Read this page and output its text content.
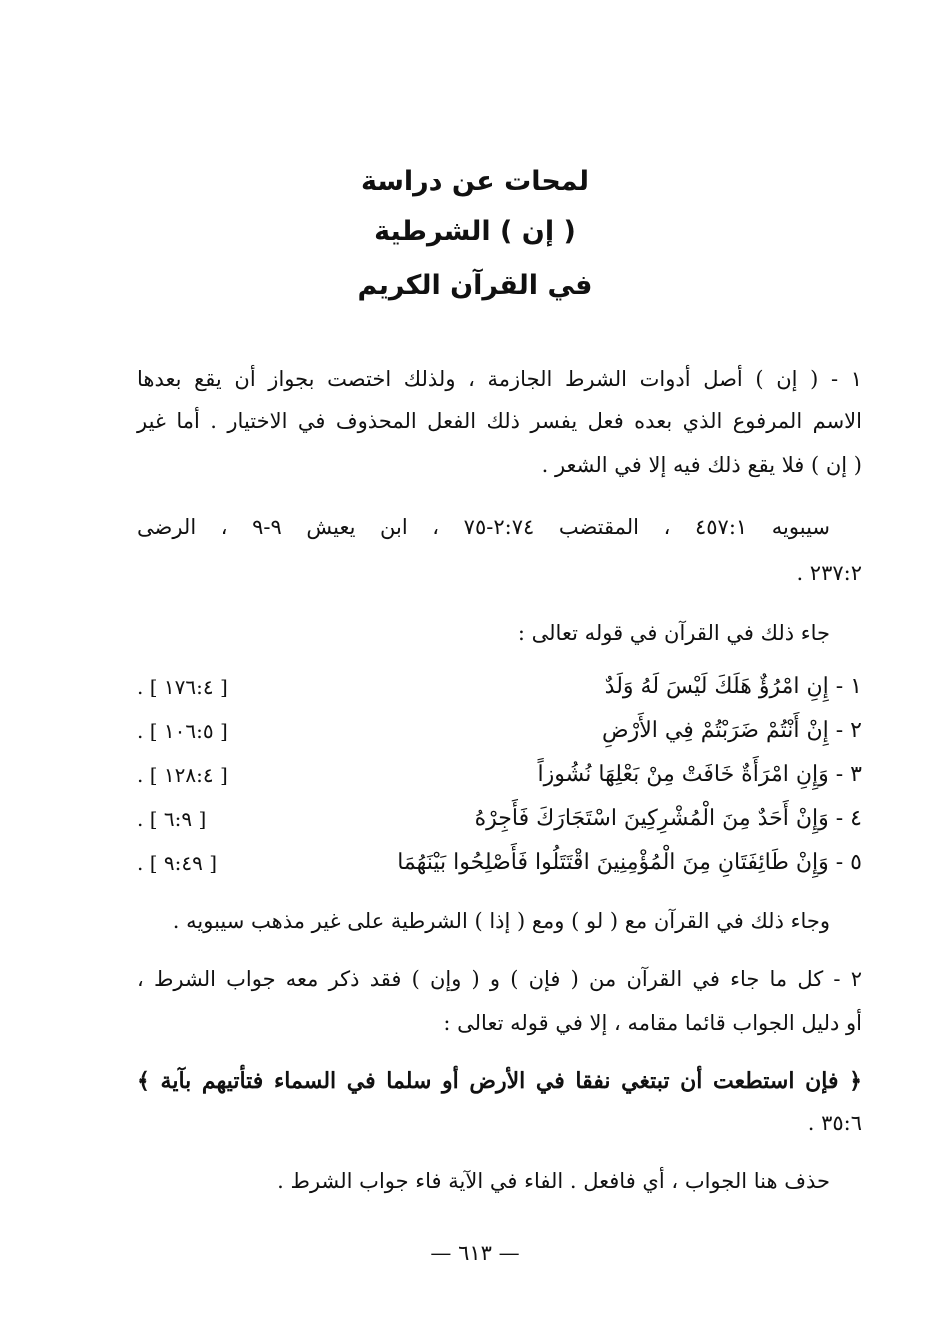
لمحات عن دراسة
( إن ) الشرطية
في القرآن الكريم
١ - ( إن ) أصل أدوات الشرط الجازمة ، ولذلك اختصت بجواز أن يقع بعدها
الاسم المرفوع الذي بعده فعل يفسر ذلك الفعل المحذوف في الاختيار . أما غير
( إن ) فلا يقع ذلك فيه إلا في الشعر .
سيبويه ٤٥٧:١ ، المقتضب ٢:٧٤-٧٥ ، ابن يعيش ٩-٩ ، الرضى
٢٣٧:٢ .
جاء ذلك في القرآن في قوله تعالى :
١ - إِنِ امْرُؤٌ هَلَكَ لَيْسَ لَهُ وَلَدٌ
[ ١٧٦:٤ ] .
٢ - إِنْ أَنْتُمْ ضَرَبْتُمْ فِي الأَرْضِ
[ ١٠٦:٥ ] .
٣ - وَإِنِ امْرَأَةٌ خَافَتْ مِنْ بَعْلِهَا نُشُوزاً
[ ١٢٨:٤ ] .
٤ - وَإِنْ أَحَدٌ مِنَ الْمُشْرِكِينَ اسْتَجَارَكَ فَأَجِرْهُ
[ ٦:٩ ] .
٥ - وَإِنْ طَائِفَتَانِ مِنَ الْمُؤْمِنِينَ اقْتَتَلُوا فَأَصْلِحُوا بَيْنَهُمَا
[ ٩:٤٩ ] .
وجاء ذلك في القرآن مع ( لو ) ومع ( إذا ) الشرطية على غير مذهب سيبويه .
٢ - كل ما جاء في القرآن من ( فإن ) و ( وإن ) فقد ذكر معه جواب الشرط ،
أو دليل الجواب قائما مقامه ، إلا في قوله تعالى :
﴿ فإن استطعت أن تبتغي نفقا في الأرض أو سلما في السماء فتأتيهم بآية ﴾
٣٥:٦ .
حذف هنا الجواب ، أي فافعل . الفاء في الآية فاء جواب الشرط .
— ٦١٣ —
